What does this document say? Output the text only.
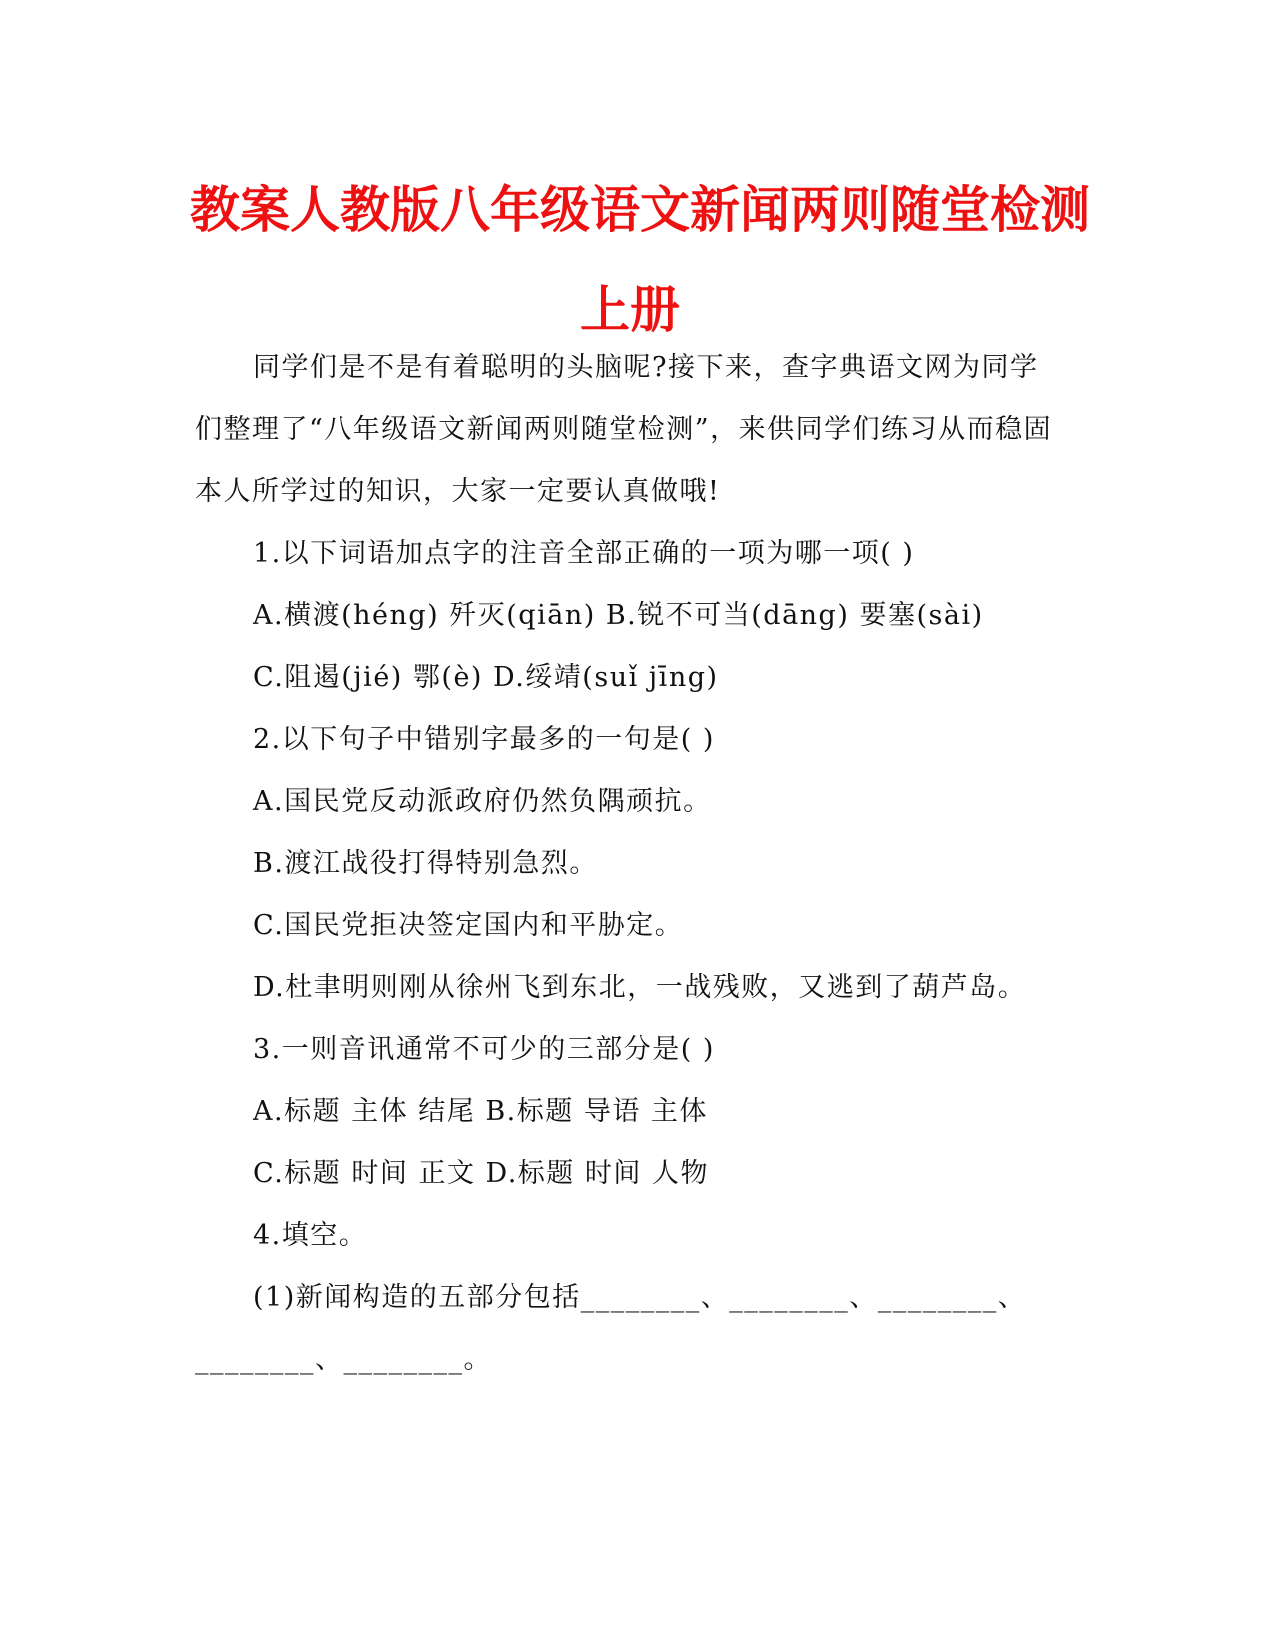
教案人教版八年级语文新闻两则随堂检测
上册
同学们是不是有着聪明的头脑呢?接下来，查字典语文网为同学
们整理了“八年级语文新闻两则随堂检测”，来供同学们练习从而稳固
本人所学过的知识，大家一定要认真做哦!
1.以下词语加点字的注音全部正确的一项为哪一项( )
A.横渡(héng) 歼灭(qiān) B.锐不可当(dāng) 要塞(sài)
C.阻遏(jié) 鄂(è) D.绥靖(suǐ jīng)
2.以下句子中错别字最多的一句是( )
A.国民党反动派政府仍然负隅顽抗。
B.渡江战役打得特别急烈。
C.国民党拒决签定国内和平胁定。
D.杜聿明则刚从徐州飞到东北，一战残败，又逃到了葫芦岛。
3.一则音讯通常不可少的三部分是( )
A.标题 主体 结尾 B.标题 导语 主体
C.标题 时间 正文 D.标题 时间 人物
4.填空。
(1)新闻构造的五部分包括________、________、________、
________、________。
